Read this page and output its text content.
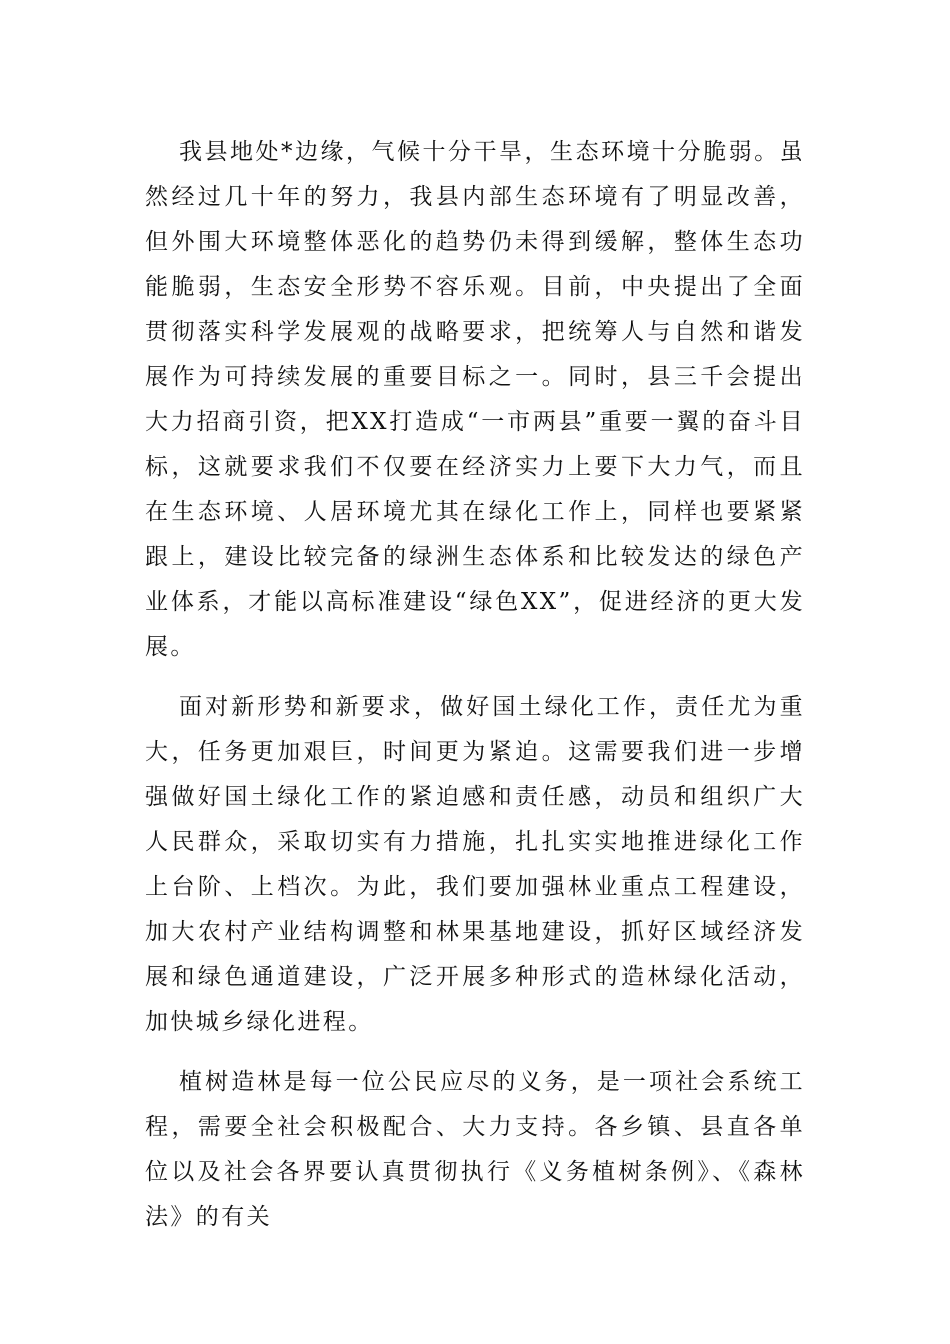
我县地处*边缘，气候十分干旱，生态环境十分脆弱。虽然经过几十年的努力，我县内部生态环境有了明显改善，但外围大环境整体恶化的趋势仍未得到缓解，整体生态功能脆弱，生态安全形势不容乐观。目前，中央提出了全面贯彻落实科学发展观的战略要求，把统筹人与自然和谐发展作为可持续发展的重要目标之一。同时，县三千会提出大力招商引资，把XX打造成“一市两县”重要一翼的奋斗目标，这就要求我们不仅要在经济实力上要下大力气，而且在生态环境、人居环境尤其在绿化工作上，同样也要紧紧跟上，建设比较完备的绿洲生态体系和比较发达的绿色产业体系，才能以高标准建设“绿色XX”，促进经济的更大发展。

面对新形势和新要求，做好国土绿化工作，责任尤为重大，任务更加艰巨，时间更为紧迫。这需要我们进一步增强做好国土绿化工作的紧迫感和责任感，动员和组织广大人民群众，采取切实有力措施，扎扎实实地推进绿化工作上台阶、上档次。为此，我们要加强林业重点工程建设，加大农村产业结构调整和林果基地建设，抓好区域经济发展和绿色通道建设，广泛开展多种形式的造林绿化活动，加快城乡绿化进程。

植树造林是每一位公民应尽的义务，是一项社会系统工程，需要全社会积极配合、大力支持。各乡镇、县直各单位以及社会各界要认真贯彻执行《义务植树条例》、《森林法》的有关
